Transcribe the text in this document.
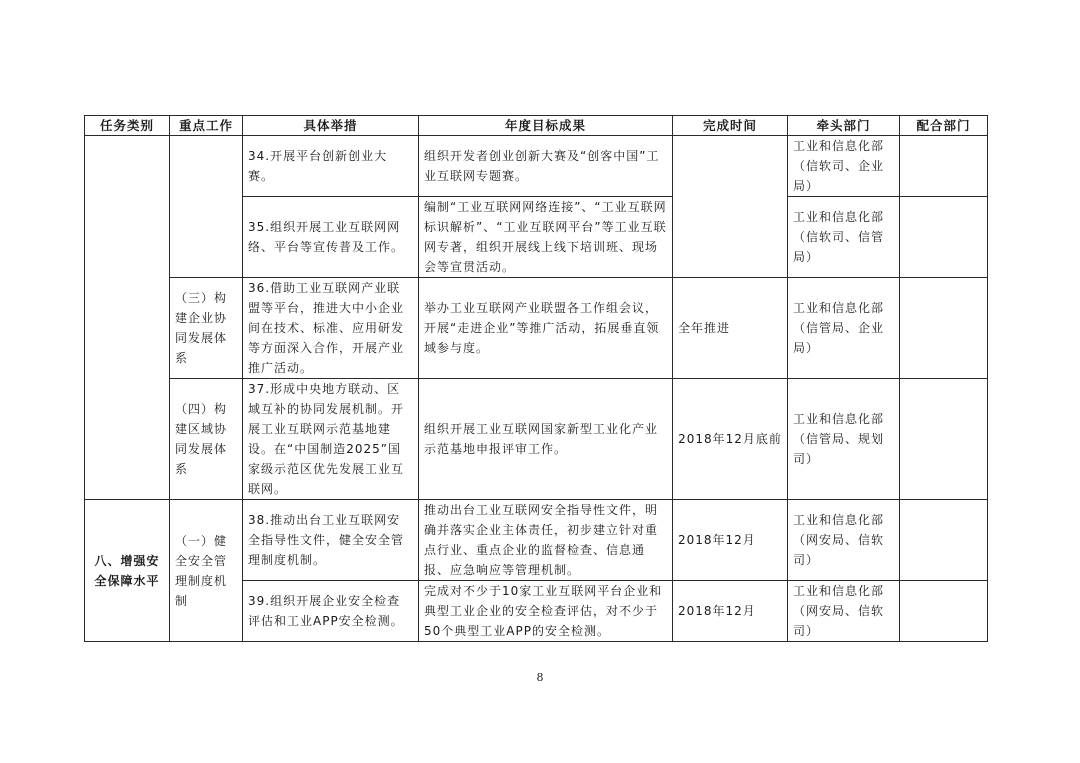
任务类别	重点工作	具体举措	年度目标成果	完成时间	牵头部门	配合部门
		34.开展平台创新创业大赛。	组织开发者创业创新大赛及“创客中国”工业互联网专题赛。		工业和信息化部（信软司、企业局）	
		35.组织开展工业互联网网络、平台等宣传普及工作。	编制“工业互联网网络连接”、“工业互联网标识解析”、“工业互联网平台”等工业互联网专著，组织开展线上线下培训班、现场会等宣贯活动。		工业和信息化部（信软司、信管局）	
	（三）构建企业协同发展体系	36.借助工业互联网产业联盟等平台，推进大中小企业间在技术、标准、应用研发等方面深入合作，开展产业推广活动。	举办工业互联网产业联盟各工作组会议，开展“走进企业”等推广活动，拓展垂直领域参与度。	全年推进	工业和信息化部（信管局、企业局）	
	（四）构建区域协同发展体系	37.形成中央地方联动、区域互补的协同发展机制。开展工业互联网示范基地建设。在“中国制造2025”国家级示范区优先发展工业互联网。	组织开展工业互联网国家新型工业化产业示范基地申报评审工作。	2018年12月底前	工业和信息化部（信管局、规划司）	
八、增强安全保障水平	（一）健全安全管理制度机制	38.推动出台工业互联网安全指导性文件，健全安全管理制度机制。	推动出台工业互联网安全指导性文件，明确并落实企业主体责任，初步建立针对重点行业、重点企业的监督检查、信息通报、应急响应等管理机制。	2018年12月	工业和信息化部（网安局、信软司）	
		39.组织开展企业安全检查评估和工业APP安全检测。	完成对不少于10家工业互联网平台企业和典型工业企业的安全检查评估，对不少于50个典型工业APP的安全检测。	2018年12月	工业和信息化部（网安局、信软司）	
8
